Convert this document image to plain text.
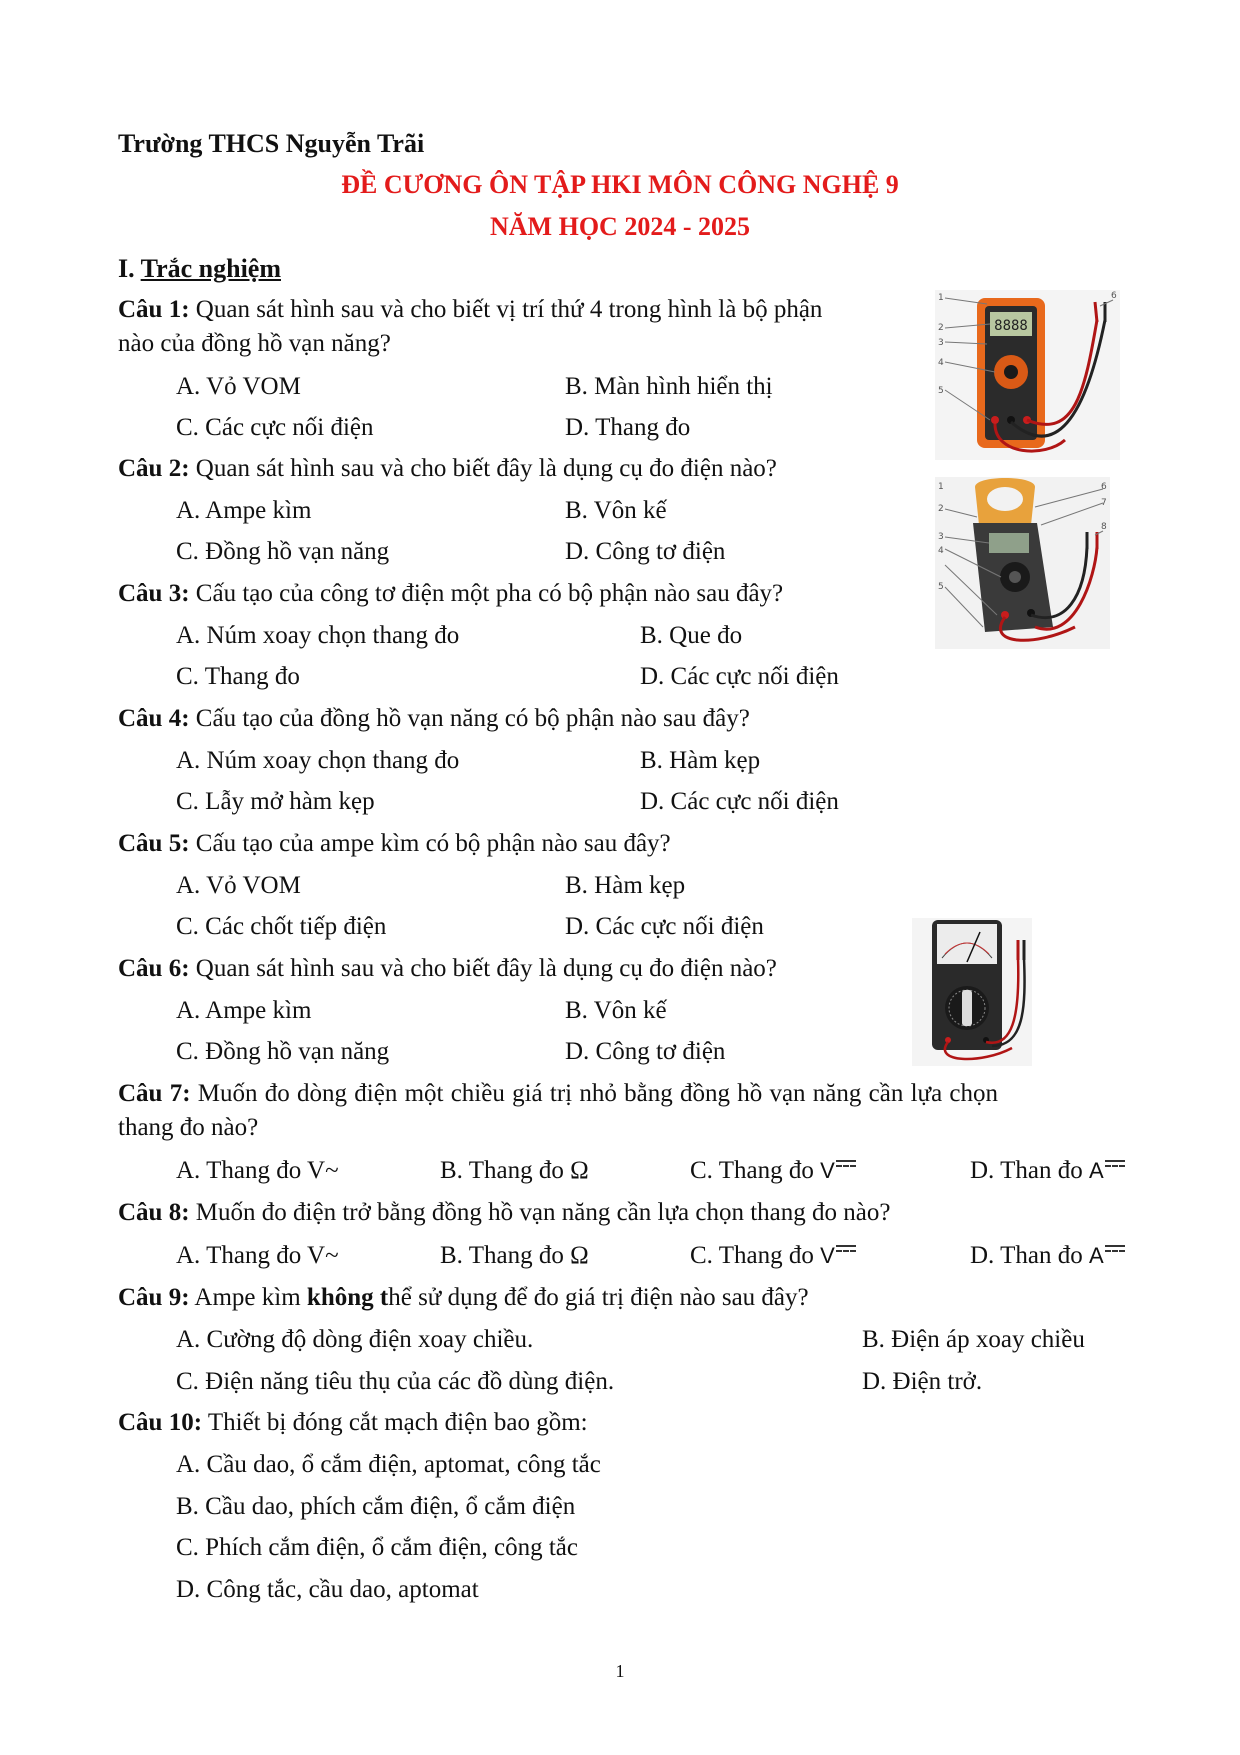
Trường THCS Nguyễn Trãi
ĐỀ CƯƠNG ÔN TẬP HKI MÔN CÔNG NGHỆ 9
NĂM HỌC 2024 - 2025
I. Trắc nghiệm
Câu 1: Quan sát hình sau và cho biết vị trí thứ 4 trong hình là bộ phận
nào của đồng hồ vạn năng?
A. Vỏ VOM	B. Màn hình hiển thị
C. Các cực nối điện	D. Thang đo
Câu 2: Quan sát hình sau và cho biết đây là dụng cụ đo điện nào?
A. Ampe kìm	B. Vôn kế
C. Đồng hồ vạn năng	D. Công tơ điện
Câu 3: Cấu tạo của công tơ điện một pha có bộ phận nào sau đây?
A. Núm xoay chọn thang đo	B. Que đo
C. Thang đo	D. Các cực nối điện
Câu 4: Cấu tạo của đồng hồ vạn năng có bộ phận nào sau đây?
A. Núm xoay chọn thang đo	B. Hàm kẹp
C. Lẫy mở hàm kẹp	D. Các cực nối điện
Câu 5: Cấu tạo của ampe kìm có bộ phận nào sau đây?
A. Vỏ VOM	B. Hàm kẹp
C. Các chốt tiếp điện	D. Các cực nối điện
Câu 6: Quan sát hình sau và cho biết đây là dụng cụ đo điện nào?
A. Ampe kìm	B. Vôn kế
C. Đồng hồ vạn năng	D. Công tơ điện
Câu 7: Muốn đo dòng điện một chiều giá trị nhỏ bằng đồng hồ vạn năng cần lựa chọn
thang đo nào?
A. Thang đo V~	B. Thang đo Ω	C. Thang đo V	D. Than đo A
Câu 8: Muốn đo điện trở bằng đồng hồ vạn năng cần lựa chọn thang đo nào?
A. Thang đo V~	B. Thang đo Ω	C. Thang đo V	D. Than đo A
Câu 9: Ampe kìm không thể sử dụng để đo giá trị điện nào sau đây?
A. Cường độ dòng điện xoay chiều.	B. Điện áp xoay chiều
C. Điện năng tiêu thụ của các đồ dùng điện.	D. Điện trở.
Câu 10: Thiết bị đóng cắt mạch điện bao gồm:
A. Cầu dao, ổ cắm điện, aptomat, công tắc
B. Cầu dao, phích cắm điện, ổ cắm điện
C. Phích cắm điện, ổ cắm điện, công tắc
D. Công tắc, cầu dao, aptomat
1
8888
1
2
3
4
5
6
1
2
3
4
5
6
7
8
